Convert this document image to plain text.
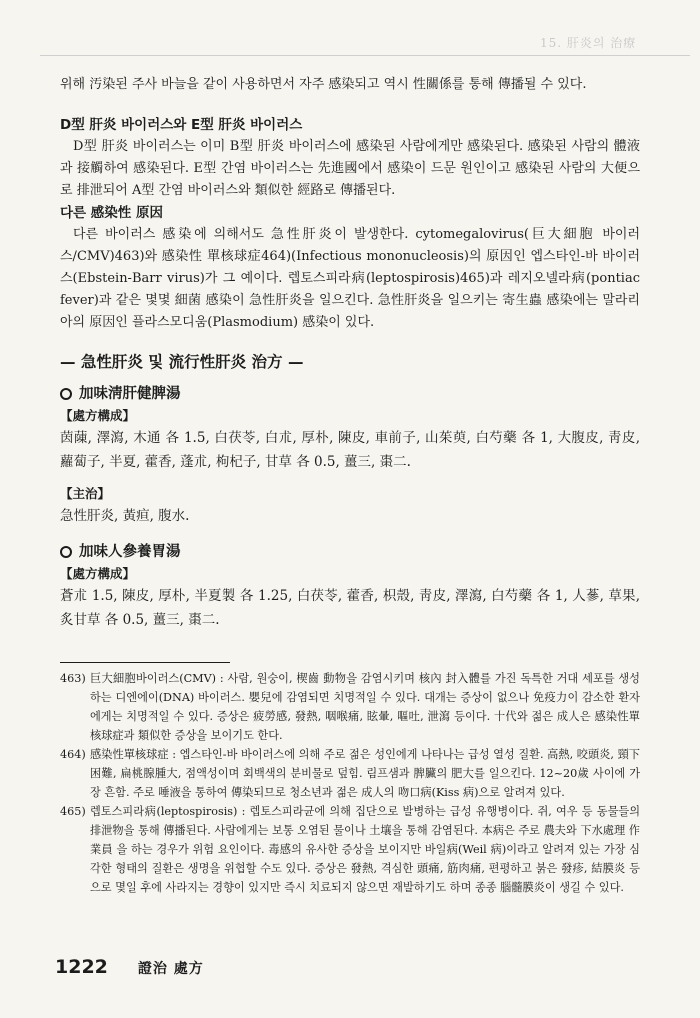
15. 肝炎의 治療

위해 汚染된 주사 바늘을 같이 사용하면서 자주 感染되고 역시 性關係를 통해 傳播될 수 있다.

D型 肝炎 바이러스와 E型 肝炎 바이러스

D型 肝炎 바이러스는 이미 B型 肝炎 바이러스에 感染된 사람에게만 感染된다. 感染된 사람의 體液과 接觸하여 感染된다. E型 간염 바이러스는 先進國에서 感染이 드문 원인이고 感染된 사람의 大便으로 排泄되어 A型 간염 바이러스와 類似한 經路로 傳播된다.

다른 感染性 原因

다른 바이러스 感染에 의해서도 急性肝炎이 발생한다. cytomegalovirus(巨大細胞 바이러스/CMV)463)와 感染性 單核球症464)(Infectious mononucleosis)의 原因인 엡스타인-바 바이러스(Ebstein-Barr virus)가 그 예이다. 렙토스피라病(leptospirosis)465)과 레지오넬라病(pontiac fever)과 같은 몇몇 細菌 感染이 急性肝炎을 일으킨다. 急性肝炎을 일으키는 寄生蟲 感染에는 말라리아의 原因인 플라스모디움(Plasmodium) 感染이 있다.

— 急性肝炎 및 流行性肝炎 治方 —
加味淸肝健脾湯
【處方構成】

茵蔯, 澤瀉, 木通 各 1.5, 白茯苓, 白朮, 厚朴, 陳皮, 車前子, 山茱萸, 白芍藥 各 1, 大腹皮, 靑皮, 蘿蔔子, 半夏, 藿香, 蓬朮, 枸杞子, 甘草 各 0.5, 薑三, 棗二.

【主治】

急性肝炎, 黃疸, 腹水.

加味人參養胃湯
【處方構成】

蒼朮 1.5, 陳皮, 厚朴, 半夏製 各 1.25, 白茯苓, 藿香, 枳殼, 靑皮, 澤瀉, 白芍藥 各 1, 人蔘, 草果, 炙甘草 各 0.5, 薑三, 棗二.

463) 巨大細胞바이러스(CMV) : 사람, 원숭이, 楔齒 動物을 감염시키며 核內 封入體를 가진 독특한 거대 세포를 생성하는 디엔에이(DNA) 바이러스. 嬰兒에 감염되면 치명적일 수 있다. 대개는 증상이 없으나 免疫力이 감소한 환자에게는 치명적일 수 있다. 증상은 疲勞感, 發熱, 咽喉痛, 眩暈, 嘔吐, 泄瀉 등이다. 十代와 젊은 成人은 感染性單核球症과 類似한 증상을 보이기도 한다.
464) 感染性單核球症 : 엡스타인-바 바이러스에 의해 주로 젊은 성인에게 나타나는 급성 열성 질환. 高熱, 咬頭炎, 頸下困難, 扁桃腺腫大, 점액성이며 회백색의 분비물로 덮힘. 림프샘과 脾臟의 肥大를 일으킨다. 12~20歲 사이에 가장 흔함. 주로 唾液을 통하여 傳染되므로 청소년과 젊은 成人의 吻口病(Kiss 病)으로 알려져 있다.
465) 렙토스피라病(leptospirosis) : 렙토스피라균에 의해 집단으로 발병하는 급성 유행병이다. 쥐, 여우 등 동물들의 排泄物을 통해 傳播된다. 사람에게는 보통 오염된 물이나 土壤을 통해 감염된다. 本病은 주로 農夫와 下水處理 作業員 을 하는 경우가 위험 요인이다. 毒感의 유사한 증상을 보이지만 바일病(Weil 病)이라고 알려져 있는 가장 심각한 형태의 질환은 생명을 위협할 수도 있다. 증상은 發熱, 격심한 頭痛, 筋肉痛, 편평하고 붉은 發疹, 結膜炎 등으로 몇일 후에 사라지는 경향이 있지만 즉시 치료되지 않으면 재발하기도 하며 종종 腦髓膜炎이 생길 수 있다.
1222 證治 處方
